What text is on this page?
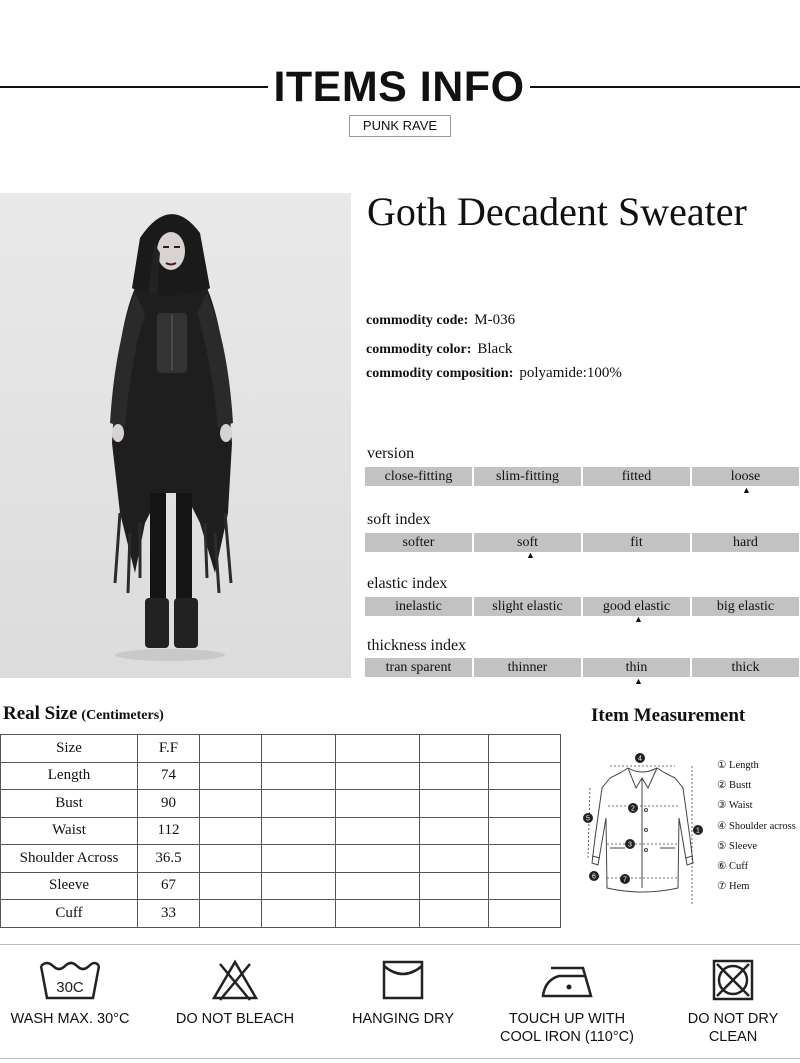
ITEMS INFO
PUNK RAVE
Goth Decadent Sweater
commodity code: M-036
commodity color: Black
commodity composition: polyamide:100%
version
close-fitting	slim-fitting	fitted	loose
▲
soft index
softer	soft	fit	hard
▲
elastic index
inelastic	slight elastic	good elastic	big elastic
▲
thickness index
tran sparent	thinner	thin	thick
▲
Real Size (Centimeters)
Size	F.F					
Length	74					
Bust	90					
Waist	112					
Shoulder Across	36.5					
Sleeve	67					
Cuff	33					
Item Measurement
4
2
3
5
1
6	7
① Length
② Bustt
③ Waist
④ Shoulder across
⑤ Sleeve
⑥ Cuff
⑦ Hem
30C
WASH MAX. 30°C	DO NOT BLEACH	HANGING DRY	TOUCH UP WITH
COOL IRON (110°C)
DO NOT DRY
CLEAN
